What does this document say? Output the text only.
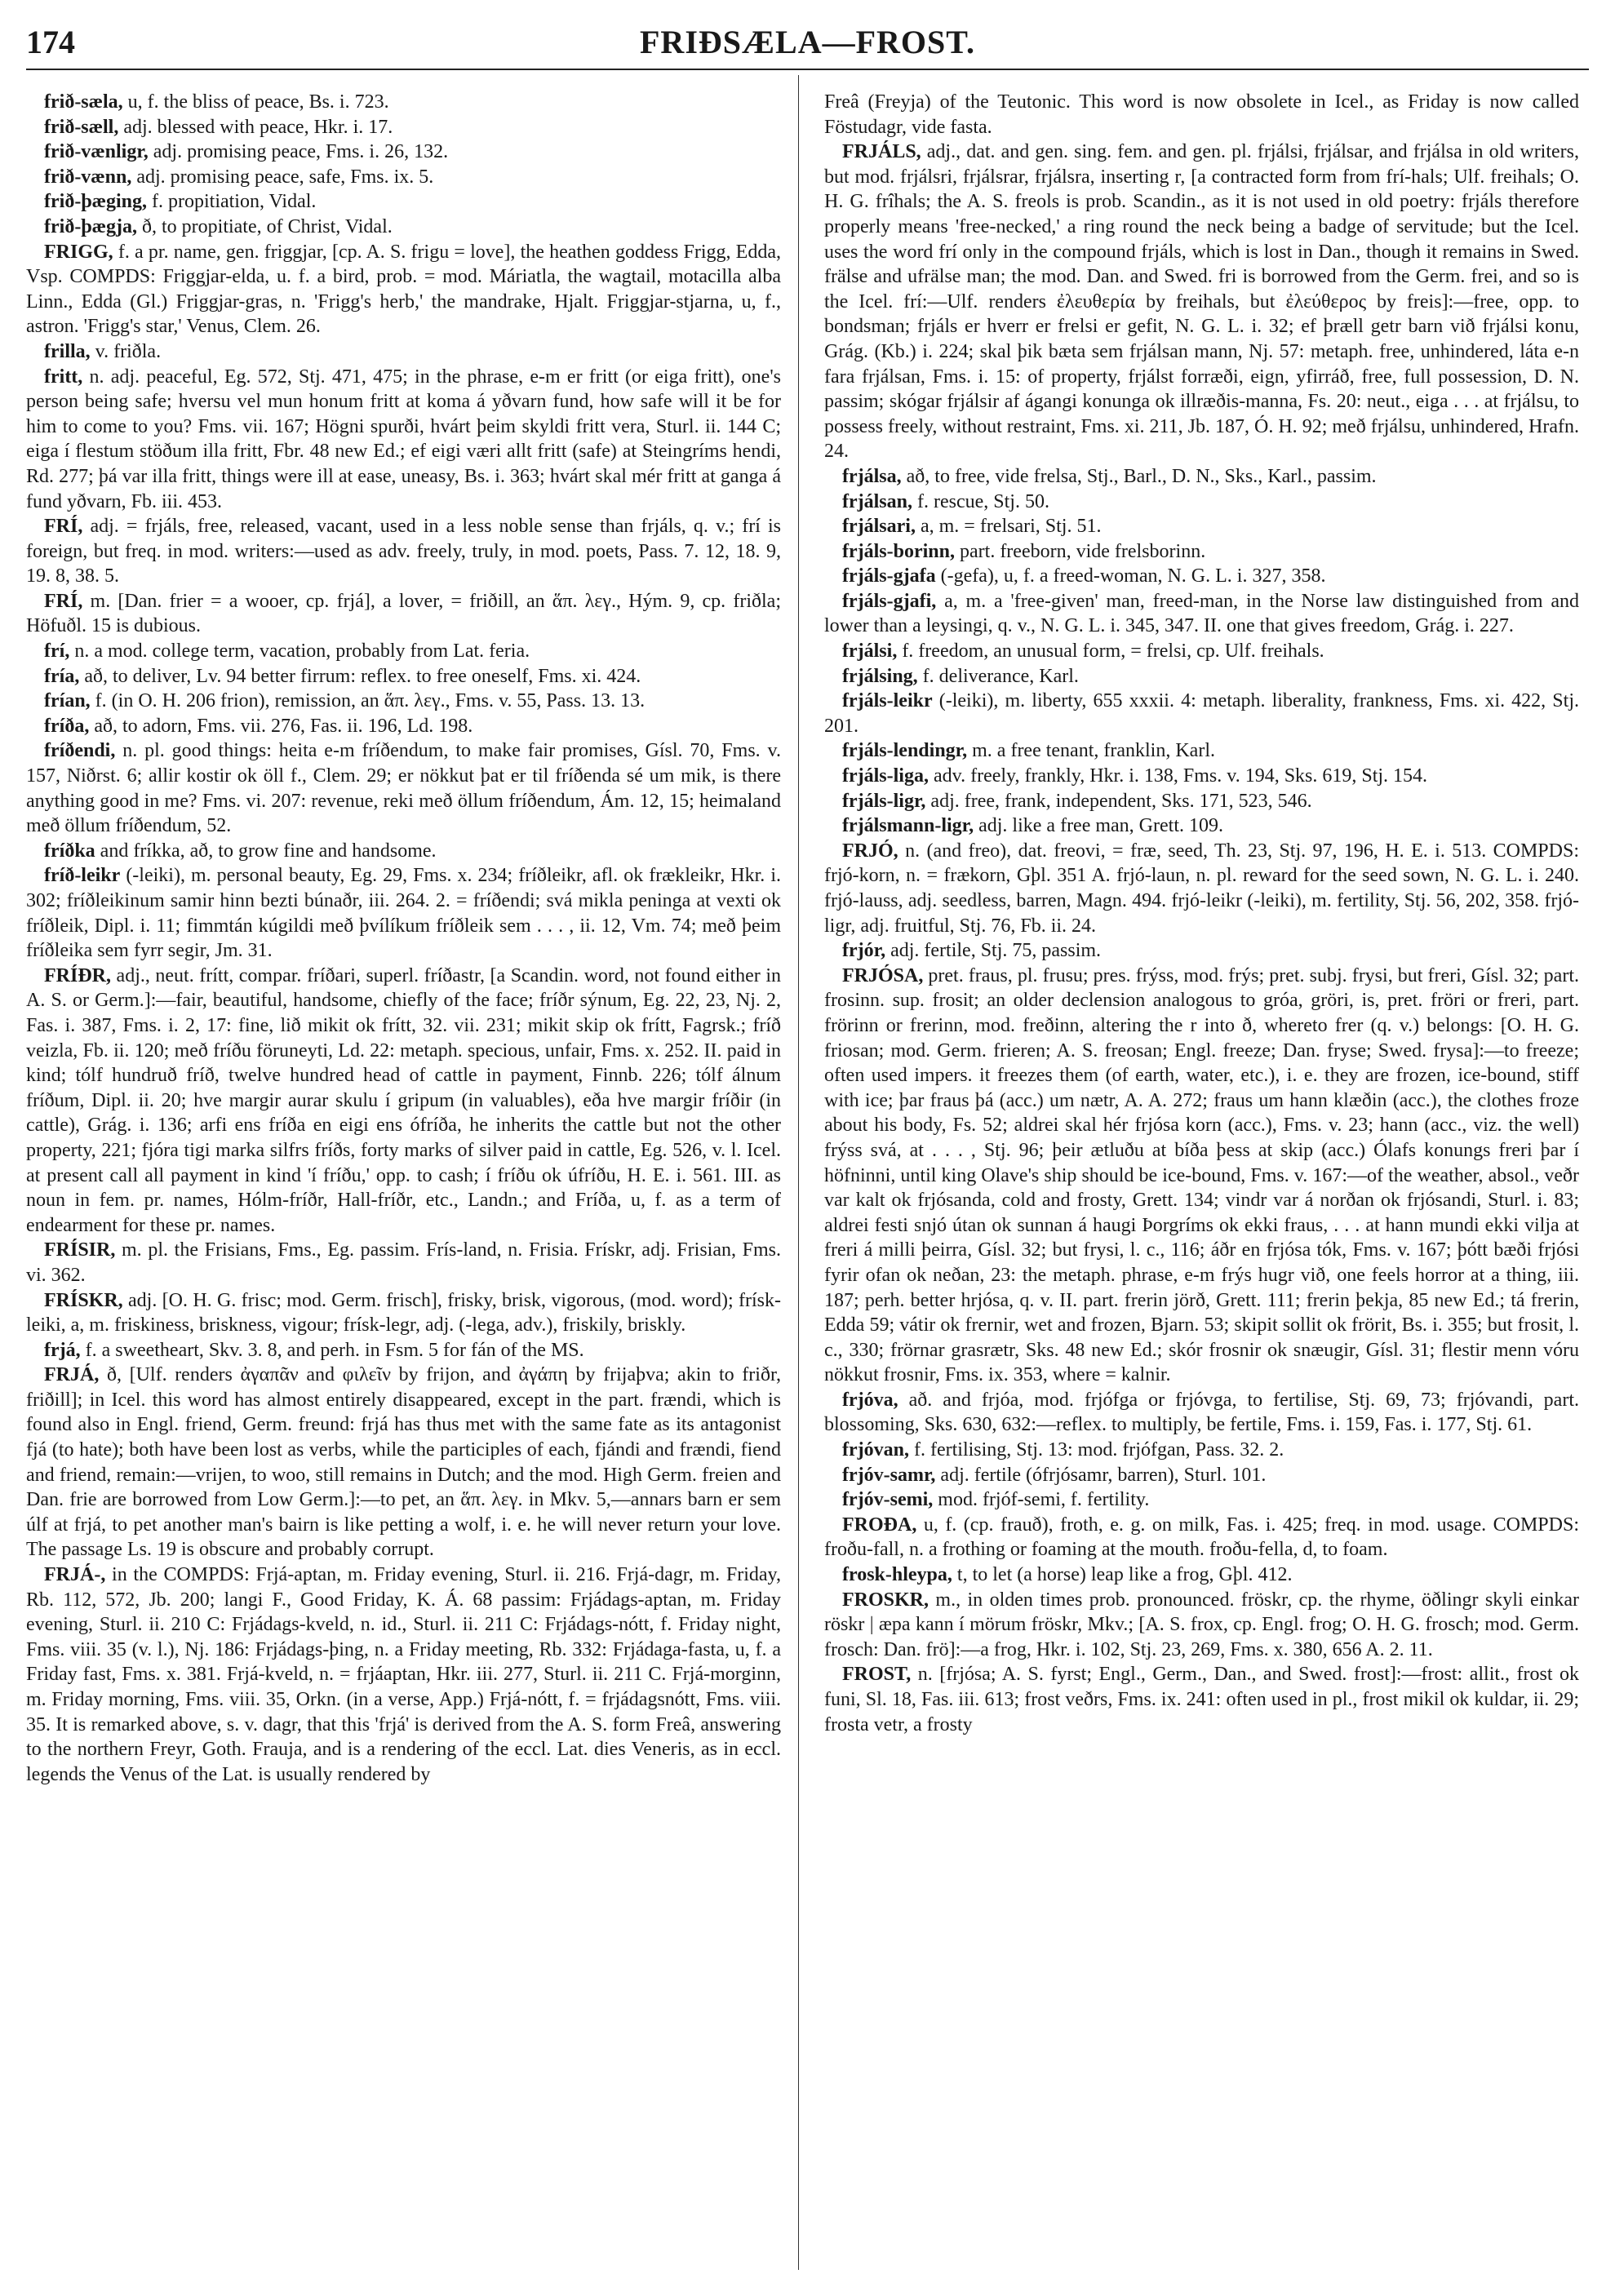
FRIÐSÆLA—FROST.
174

frið-sæla, u, f. the bliss of peace, Bs. i. 723.

frið-sæll, adj. blessed with peace, Hkr. i. 17.

frið-vænligr, adj. promising peace, Fms. i. 26, 132.

frið-vænn, adj. promising peace, safe, Fms. ix. 5.

frið-þæging, f. propitiation, Vidal.

frið-þægja, ð, to propitiate, of Christ, Vidal.

FRIGG, f. a pr. name, gen. friggjar, [cp. A. S. frigu = love], the heathen goddess Frigg, Edda, Vsp. COMPDS: Friggjar-elda, u. f. a bird, prob. = mod. Máriatla, the wagtail, motacilla alba Linn., Edda (Gl.) Friggjar-gras, n. 'Frigg's herb,' the mandrake, Hjalt. Friggjar-stjarna, u, f., astron. 'Frigg's star,' Venus, Clem. 26.

frilla, v. friðla.

fritt, n. adj. peaceful, Eg. 572, Stj. 471, 475; in the phrase, e-m er fritt (or eiga fritt), one's person being safe; hversu vel mun honum fritt at koma á yðvarn fund, how safe will it be for him to come to you? Fms. vii. 167; Högni spurði, hvárt þeim skyldi fritt vera, Sturl. ii. 144 C; eiga í flestum stöðum illa fritt, Fbr. 48 new Ed.; ef eigi væri allt fritt (safe) at Steingríms hendi, Rd. 277; þá var illa fritt, things were ill at ease, uneasy, Bs. i. 363; hvárt skal mér fritt at ganga á fund yðvarn, Fb. iii. 453.

FRÍ, adj. = frjáls, free, released, vacant, used in a less noble sense than frjáls, q. v.; frí is foreign, but freq. in mod. writers:—used as adv. freely, truly, in mod. poets, Pass. 7. 12, 18. 9, 19. 8, 38. 5.

FRÍ, m. [Dan. frier = a wooer, cp. frjá], a lover, = friðill, an ἅπ. λεγ., Hým. 9, cp. friðla; Höfuðl. 15 is dubious.

frí, n. a mod. college term, vacation, probably from Lat. feria.

fría, að, to deliver, Lv. 94 better firrum: reflex. to free oneself, Fms. xi. 424.

frían, f. (in O. H. 206 frion), remission, an ἅπ. λεγ., Fms. v. 55, Pass. 13. 13.

fríða, að, to adorn, Fms. vii. 276, Fas. ii. 196, Ld. 198.

fríðendi, n. pl. good things: heita e-m fríðendum, to make fair promises, Gísl. 70, Fms. v. 157, Niðrst. 6; allir kostir ok öll f., Clem. 29; er nökkut þat er til fríðenda sé um mik, is there anything good in me? Fms. vi. 207: revenue, reki með öllum fríðendum, Ám. 12, 15; heimaland með öllum fríðendum, 52.

fríðka and fríkka, að, to grow fine and handsome.

fríð-leikr (-leiki), m. personal beauty, Eg. 29, Fms. x. 234; fríðleikr, afl. ok frækleikr, Hkr. i. 302; fríðleikinum samir hinn bezti búnaðr, iii. 264. 2. = fríðendi; svá mikla peninga at vexti ok fríðleik, Dipl. i. 11; fimmtán kúgildi með þvílíkum fríðleik sem . . . , ii. 12, Vm. 74; með þeim fríðleika sem fyrr segir, Jm. 31.

FRÍÐR, adj., neut. frítt, compar. fríðari, superl. fríðastr, [a Scandin. word, not found either in A. S. or Germ.]:—fair, beautiful, handsome, chiefly of the face; fríðr sýnum, Eg. 22, 23, Nj. 2, Fas. i. 387, Fms. i. 2, 17: fine, lið mikit ok frítt, 32. vii. 231; mikit skip ok frítt, Fagrsk.; fríð veizla, Fb. ii. 120; með fríðu föruneyti, Ld. 22: metaph. specious, unfair, Fms. x. 252. II. paid in kind; tólf hundruð fríð, twelve hundred head of cattle in payment, Finnb. 226; tólf álnum fríðum, Dipl. ii. 20; hve margir aurar skulu í gripum (in valuables), eða hve margir fríðir (in cattle), Grág. i. 136; arfi ens fríða en eigi ens ófríða, he inherits the cattle but not the other property, 221; fjóra tigi marka silfrs fríðs, forty marks of silver paid in cattle, Eg. 526, v. l. Icel. at present call all payment in kind 'í fríðu,' opp. to cash; í fríðu ok úfríðu, H. E. i. 561. III. as noun in fem. pr. names, Hólm-fríðr, Hall-fríðr, etc., Landn.; and Fríða, u, f. as a term of endearment for these pr. names.

FRÍSIR, m. pl. the Frisians, Fms., Eg. passim. Frís-land, n. Frisia. Frískr, adj. Frisian, Fms. vi. 362.

FRÍSKR, adj. [O. H. G. frisc; mod. Germ. frisch], frisky, brisk, vigorous, (mod. word); frísk-leiki, a, m. friskiness, briskness, vigour; frísk-legr, adj. (-lega, adv.), friskily, briskly.

frjá, f. a sweetheart, Skv. 3. 8, and perh. in Fsm. 5 for fán of the MS.

FRJÁ, ð, [Ulf. renders ἀγαπᾶν and φιλεῖν by frijon, and ἀγάπη by frijaþva; akin to friðr, friðill]; in Icel. this word has almost entirely disappeared, except in the part. frændi, which is found also in Engl. friend, Germ. freund: frjá has thus met with the same fate as its antagonist fjá (to hate); both have been lost as verbs, while the participles of each, fjándi and frændi, fiend and friend, remain:—vrijen, to woo, still remains in Dutch; and the mod. High Germ. freien and Dan. frie are borrowed from Low Germ.]:—to pet, an ἅπ. λεγ. in Mkv. 5,—annars barn er sem úlf at frjá, to pet another man's bairn is like petting a wolf, i. e. he will never return your love. The passage Ls. 19 is obscure and probably corrupt.

FRJÁ-, in the COMPDS: Frjá-aptan, m. Friday evening, Sturl. ii. 216. Frjá-dagr, m. Friday, Rb. 112, 572, Jb. 200; langi F., Good Friday, K. Á. 68 passim: Frjádags-aptan, m. Friday evening, Sturl. ii. 210 C: Frjádags-kveld, n. id., Sturl. ii. 211 C: Frjádags-nótt, f. Friday night, Fms. viii. 35 (v. l.), Nj. 186: Frjádags-þing, n. a Friday meeting, Rb. 332: Frjádaga-fasta, u, f. a Friday fast, Fms. x. 381. Frjá-kveld, n. = frjáaptan, Hkr. iii. 277, Sturl. ii. 211 C. Frjá-morginn, m. Friday morning, Fms. viii. 35, Orkn. (in a verse, App.) Frjá-nótt, f. = frjádagsnótt, Fms. viii. 35. It is remarked above, s. v. dagr, that this 'frjá' is derived from the A. S. form Freâ, answering to the northern Freyr, Goth. Frauja, and is a rendering of the eccl. Lat. dies Veneris, as in eccl. legends the Venus of the Lat. is usually rendered by

Freâ (Freyja) of the Teutonic. This word is now obsolete in Icel., as Friday is now called Föstudagr, vide fasta.

FRJÁLS, adj., dat. and gen. sing. fem. and gen. pl. frjálsi, frjálsar, and frjálsa in old writers, but mod. frjálsri, frjálsrar, frjálsra, inserting r, [a contracted form from frí-hals; Ulf. freihals; O. H. G. frîhals; the A. S. freols is prob. Scandin., as it is not used in old poetry: frjáls therefore properly means 'free-necked,' a ring round the neck being a badge of servitude; but the Icel. uses the word frí only in the compound frjáls, which is lost in Dan., though it remains in Swed. frälse and ufrälse man; the mod. Dan. and Swed. fri is borrowed from the Germ. frei, and so is the Icel. frí:—Ulf. renders ἐλευθερία by freihals, but ἐλεύθερος by freis]:—free, opp. to bondsman; frjáls er hverr er frelsi er gefit, N. G. L. i. 32; ef þræll getr barn við frjálsi konu, Grág. (Kb.) i. 224; skal þik bæta sem frjálsan mann, Nj. 57: metaph. free, unhindered, láta e-n fara frjálsan, Fms. i. 15: of property, frjálst forræði, eign, yfirráð, free, full possession, D. N. passim; skógar frjálsir af ágangi konunga ok illræðis-manna, Fs. 20: neut., eiga . . . at frjálsu, to possess freely, without restraint, Fms. xi. 211, Jb. 187, Ó. H. 92; með frjálsu, unhindered, Hrafn. 24.

frjálsa, að, to free, vide frelsa, Stj., Barl., D. N., Sks., Karl., passim.

frjálsan, f. rescue, Stj. 50.

frjálsari, a, m. = frelsari, Stj. 51.

frjáls-borinn, part. freeborn, vide frelsborinn.

frjáls-gjafa (-gefa), u, f. a freed-woman, N. G. L. i. 327, 358.

frjáls-gjafi, a, m. a 'free-given' man, freed-man, in the Norse law distinguished from and lower than a leysingi, q. v., N. G. L. i. 345, 347. II. one that gives freedom, Grág. i. 227.

frjálsi, f. freedom, an unusual form, = frelsi, cp. Ulf. freihals.

frjálsing, f. deliverance, Karl.

frjáls-leikr (-leiki), m. liberty, 655 xxxii. 4: metaph. liberality, frankness, Fms. xi. 422, Stj. 201.

frjáls-lendingr, m. a free tenant, franklin, Karl.

frjáls-liga, adv. freely, frankly, Hkr. i. 138, Fms. v. 194, Sks. 619, Stj. 154.

frjáls-ligr, adj. free, frank, independent, Sks. 171, 523, 546.

frjálsmann-ligr, adj. like a free man, Grett. 109.

FRJÓ, n. (and freo), dat. freovi, = fræ, seed, Th. 23, Stj. 97, 196, H. E. i. 513. COMPDS: frjó-korn, n. = frækorn, Gþl. 351 A. frjó-laun, n. pl. reward for the seed sown, N. G. L. i. 240. frjó-lauss, adj. seedless, barren, Magn. 494. frjó-leikr (-leiki), m. fertility, Stj. 56, 202, 358. frjó-ligr, adj. fruitful, Stj. 76, Fb. ii. 24.

frjór, adj. fertile, Stj. 75, passim.

FRJÓSA, pret. fraus, pl. frusu; pres. frýss, mod. frýs; pret. subj. frysi, but freri, Gísl. 32; part. frosinn. sup. frosit; an older declension analogous to gróa, gröri, is, pret. fröri or freri, part. frörinn or frerinn, mod. freðinn, altering the r into ð, whereto frer (q. v.) belongs: [O. H. G. friosan; mod. Germ. frieren; A. S. freosan; Engl. freeze; Dan. fryse; Swed. frysa]:—to freeze; often used impers. it freezes them (of earth, water, etc.), i. e. they are frozen, ice-bound, stiff with ice; þar fraus þá (acc.) um nætr, A. A. 272; fraus um hann klæðin (acc.), the clothes froze about his body, Fs. 52; aldrei skal hér frjósa korn (acc.), Fms. v. 23; hann (acc., viz. the well) frýss svá, at . . . , Stj. 96; þeir ætluðu at bíða þess at skip (acc.) Ólafs konungs freri þar í höfninni, until king Olave's ship should be ice-bound, Fms. v. 167:—of the weather, absol., veðr var kalt ok frjósanda, cold and frosty, Grett. 134; vindr var á norðan ok frjósandi, Sturl. i. 83; aldrei festi snjó útan ok sunnan á haugi Þorgríms ok ekki fraus, . . . at hann mundi ekki vilja at freri á milli þeirra, Gísl. 32; but frysi, l. c., 116; áðr en frjósa tók, Fms. v. 167; þótt bæði frjósi fyrir ofan ok neðan, 23: the metaph. phrase, e-m frýs hugr við, one feels horror at a thing, iii. 187; perh. better hrjósa, q. v. II. part. frerin jörð, Grett. 111; frerin þekja, 85 new Ed.; tá frerin, Edda 59; vátir ok frernir, wet and frozen, Bjarn. 53; skipit sollit ok frörit, Bs. i. 355; but frosit, l. c., 330; frörnar grasrætr, Sks. 48 new Ed.; skór frosnir ok snæugir, Gísl. 31; flestir menn vóru nökkut frosnir, Fms. ix. 353, where = kalnir.

frjóva, að. and frjóa, mod. frjófga or frjóvga, to fertilise, Stj. 69, 73; frjóvandi, part. blossoming, Sks. 630, 632:—reflex. to multiply, be fertile, Fms. i. 159, Fas. i. 177, Stj. 61.

frjóvan, f. fertilising, Stj. 13: mod. frjófgan, Pass. 32. 2.

frjóv-samr, adj. fertile (ófrjósamr, barren), Sturl. 101.

frjóv-semi, mod. frjóf-semi, f. fertility.

FROÐA, u, f. (cp. frauð), froth, e. g. on milk, Fas. i. 425; freq. in mod. usage. COMPDS: froðu-fall, n. a frothing or foaming at the mouth. froðu-fella, d, to foam.

frosk-hleypa, t, to let (a horse) leap like a frog, Gþl. 412.

FROSKR, m., in olden times prob. pronounced. fröskr, cp. the rhyme, öðlingr skyli einkar röskr | æpa kann í mörum fröskr, Mkv.; [A. S. frox, cp. Engl. frog; O. H. G. frosch; mod. Germ. frosch: Dan. frö]:—a frog, Hkr. i. 102, Stj. 23, 269, Fms. x. 380, 656 A. 2. 11.

FROST, n. [frjósa; A. S. fyrst; Engl., Germ., Dan., and Swed. frost]:—frost: allit., frost ok funi, Sl. 18, Fas. iii. 613; frost veðrs, Fms. ix. 241: often used in pl., frost mikil ok kuldar, ii. 29; frosta vetr, a frosty
